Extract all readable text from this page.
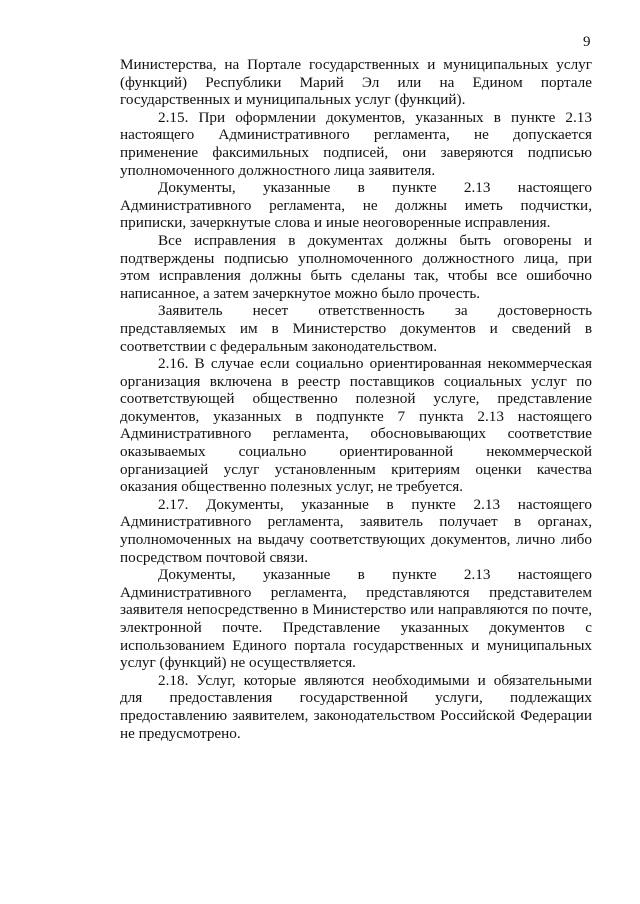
9

Министерства, на Портале государственных и муниципальных услуг (функций) Республики Марий Эл или на Едином портале государственных и муниципальных услуг (функций).

2.15. При оформлении документов, указанных в пункте 2.13 настоящего Административного регламента, не допускается применение факсимильных подписей, они заверяются подписью уполномоченного должностного лица заявителя.

Документы, указанные в пункте 2.13 настоящего Административного регламента, не должны иметь подчистки, приписки, зачеркнутые слова и иные неоговоренные исправления.

Все исправления в документах должны быть оговорены и подтверждены подписью уполномоченного должностного лица, при этом исправления должны быть сделаны так, чтобы все ошибочно написанное, а затем зачеркнутое можно было прочесть.

Заявитель несет ответственность за достоверность представляемых им в Министерство документов и сведений в соответствии с федеральным законодательством.

2.16. В случае если социально ориентированная некоммерческая организация включена в реестр поставщиков социальных услуг по соответствующей общественно полезной услуге, представление документов, указанных в подпункте 7 пункта 2.13 настоящего Административного регламента, обосновывающих соответствие оказываемых социально ориентированной некоммерческой организацией услуг установленным критериям оценки качества оказания общественно полезных услуг, не требуется.

2.17. Документы, указанные в пункте 2.13 настоящего Административного регламента, заявитель получает в органах, уполномоченных на выдачу соответствующих документов, лично либо посредством почтовой связи.

Документы, указанные в пункте 2.13 настоящего Административного регламента, представляются представителем заявителя непосредственно в Министерство или направляются по почте, электронной почте. Представление указанных документов с использованием Единого портала государственных и муниципальных услуг (функций) не осуществляется.

2.18. Услуг, которые являются необходимыми и обязательными для предоставления государственной услуги, подлежащих предоставлению заявителем, законодательством Российской Федерации не предусмотрено.
